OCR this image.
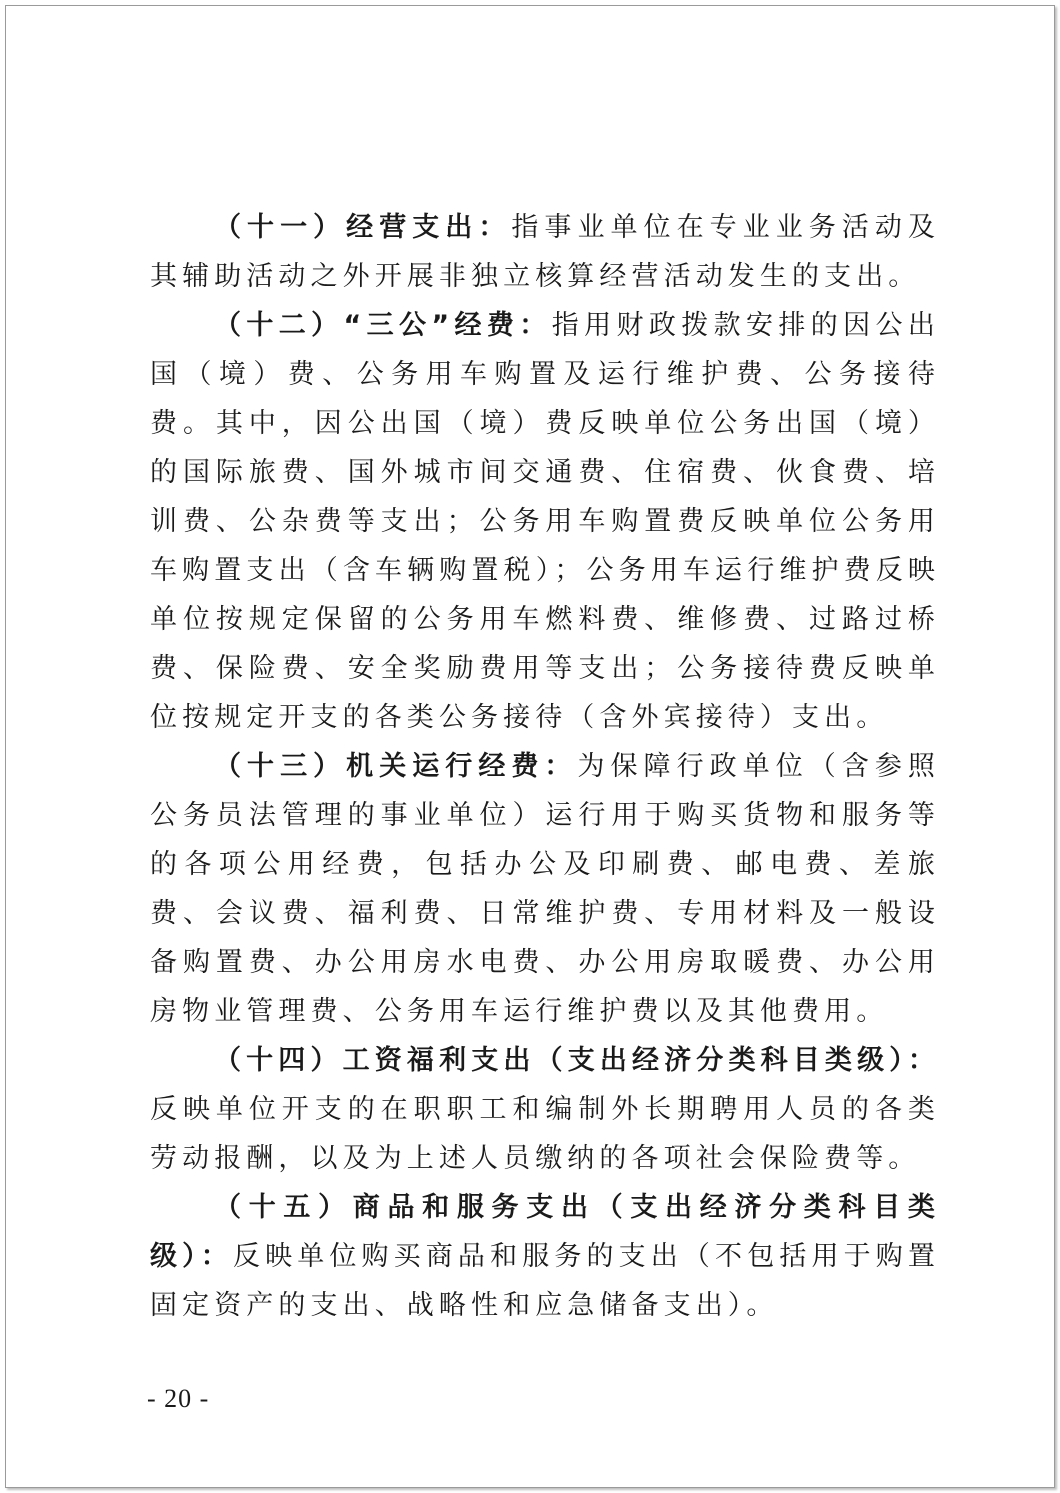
（十一）经营支出：指事业单位在专业业务活动及其辅助活动之外开展非独立核算经营活动发生的支出。

（十二）“三公”经费：指用财政拨款安排的因公出国（境）费、公务用车购置及运行维护费、公务接待费。其中，因公出国（境）费反映单位公务出国（境）的国际旅费、国外城市间交通费、住宿费、伙食费、培训费、公杂费等支出；公务用车购置费反映单位公务用车购置支出（含车辆购置税）；公务用车运行维护费反映单位按规定保留的公务用车燃料费、维修费、过路过桥费、保险费、安全奖励费用等支出；公务接待费反映单位按规定开支的各类公务接待（含外宾接待）支出。

（十三）机关运行经费：为保障行政单位（含参照公务员法管理的事业单位）运行用于购买货物和服务等的各项公用经费，包括办公及印刷费、邮电费、差旅费、会议费、福利费、日常维护费、专用材料及一般设备购置费、办公用房水电费、办公用房取暖费、办公用房物业管理费、公务用车运行维护费以及其他费用。

（十四）工资福利支出（支出经济分类科目类级）：反映单位开支的在职职工和编制外长期聘用人员的各类劳动报酬，以及为上述人员缴纳的各项社会保险费等。

（十五）商品和服务支出（支出经济分类科目类级）：反映单位购买商品和服务的支出（不包括用于购置固定资产的支出、战略性和应急储备支出）。

- 20 -
